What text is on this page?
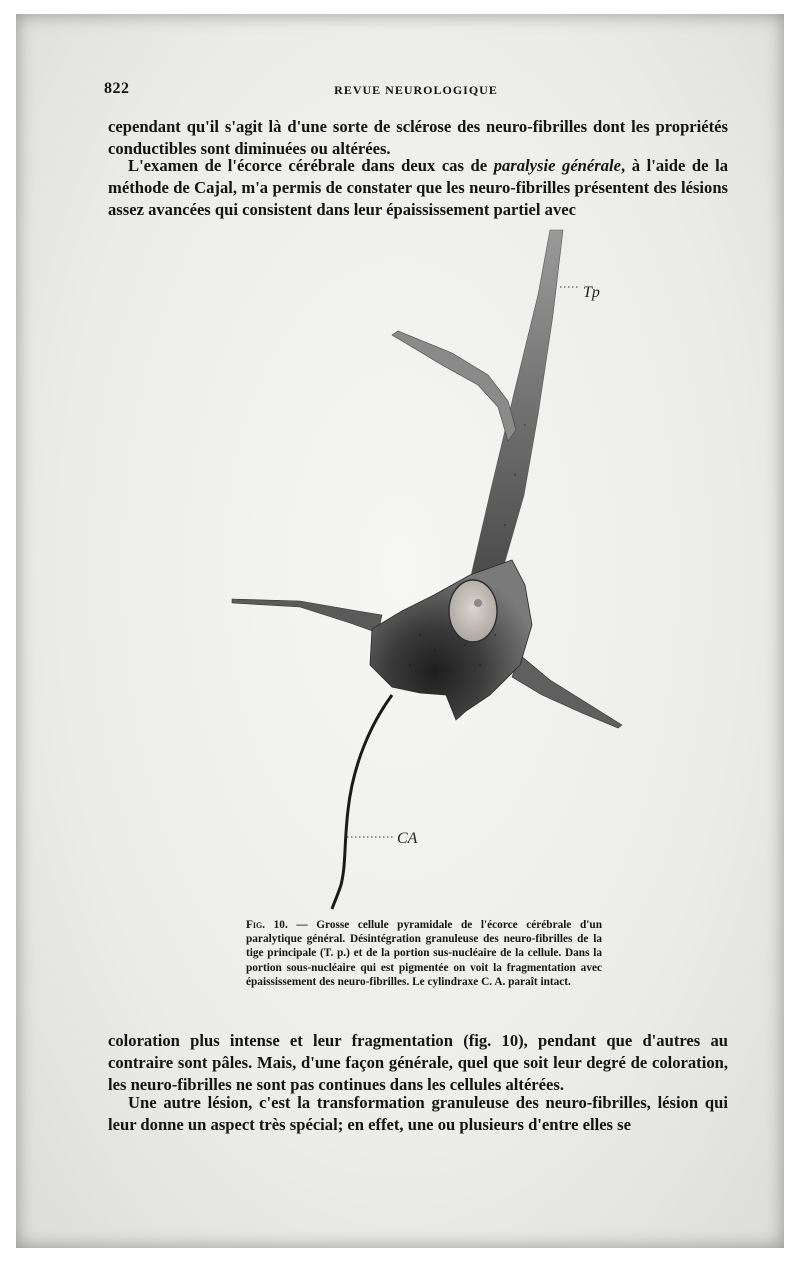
822	REVUE NEUROLOGIQUE

cependant qu'il s'agit là d'une sorte de sclérose des neuro-fibrilles dont les propriétés conductibles sont diminuées ou altérées.

L'examen de l'écorce cérébrale dans deux cas de paralysie générale, à l'aide de la méthode de Cajal, m'a permis de constater que les neuro-fibrilles présentent des lésions assez avancées qui consistent dans leur épaississement partiel avec

Tp
CA

Fig. 10. — Grosse cellule pyramidale de l'écorce cérébrale d'un paralytique général. Désintégration granuleuse des neuro-fibrilles de la tige principale (T. p.) et de la portion sus-nucléaire de la cellule. Dans la portion sous-nucléaire qui est pigmentée on voit la fragmentation avec épaississement des neuro-fibrilles. Le cylindraxe C. A. paraît intact.

coloration plus intense et leur fragmentation (fig. 10), pendant que d'autres au contraire sont pâles. Mais, d'une façon générale, quel que soit leur degré de coloration, les neuro-fibrilles ne sont pas continues dans les cellules altérées.

Une autre lésion, c'est la transformation granuleuse des neuro-fibrilles, lésion qui leur donne un aspect très spécial; en effet, une ou plusieurs d'entre elles se
